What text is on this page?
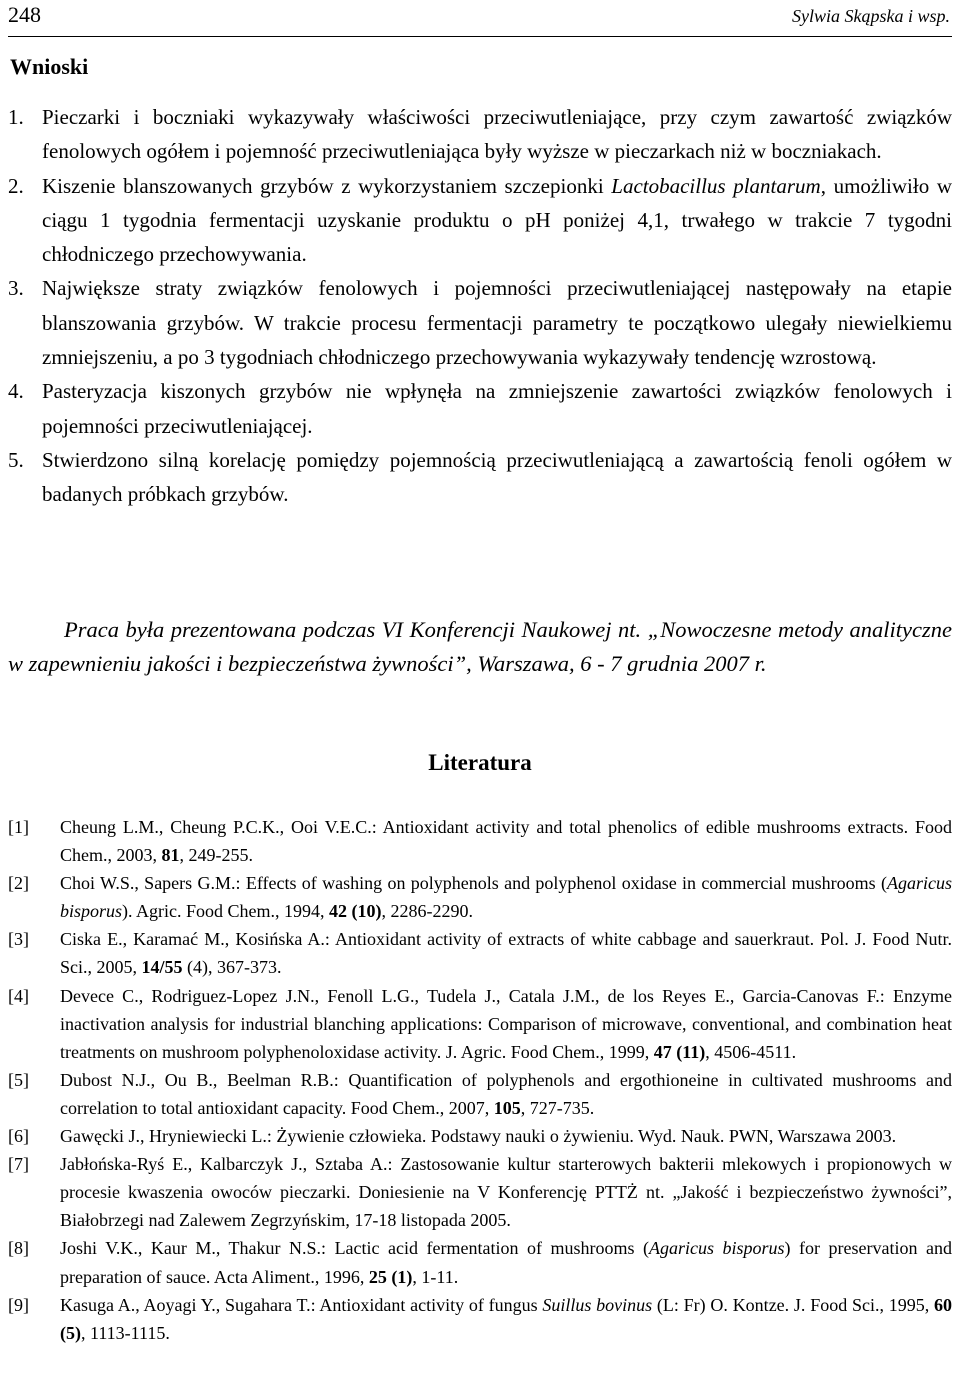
248	Sylwia Skąpska i wsp.
Wnioski

1. Pieczarki i boczniaki wykazywały właściwości przeciwutleniające, przy czym zawartość związków fenolowych ogółem i pojemność przeciwutleniająca były wyższe w pieczarkach niż w boczniakach.

2. Kiszenie blanszowanych grzybów z wykorzystaniem szczepionki Lactobacillus plantarum, umożliwiło w ciągu 1 tygodnia fermentacji uzyskanie produktu o pH poniżej 4,1, trwałego w trakcie 7 tygodni chłodniczego przechowywania.

3. Największe straty związków fenolowych i pojemności przeciwutleniającej następowały na etapie blanszowania grzybów. W trakcie procesu fermentacji parametry te początkowo ulegały niewielkiemu zmniejszeniu, a po 3 tygodniach chłodniczego przechowywania wykazywały tendencję wzrostową.

4. Pasteryzacja kiszonych grzybów nie wpłynęła na zmniejszenie zawartości związków fenolowych i pojemności przeciwutleniającej.

5. Stwierdzono silną korelację pomiędzy pojemnością przeciwutleniającą a zawartością fenoli ogółem w badanych próbkach grzybów.

Praca była prezentowana podczas VI Konferencji Naukowej nt. „Nowoczesne metody analityczne w zapewnieniu jakości i bezpieczeństwa żywności”, Warszawa, 6 - 7 grudnia 2007 r.
Literatura

[1] Cheung L.M., Cheung P.C.K., Ooi V.E.C.: Antioxidant activity and total phenolics of edible mushrooms extracts. Food Chem., 2003, 81, 249-255.

[2] Choi W.S., Sapers G.M.: Effects of washing on polyphenols and polyphenol oxidase in commercial mushrooms (Agaricus bisporus). Agric. Food Chem., 1994, 42 (10), 2286-2290.

[3] Ciska E., Karamać M., Kosińska A.: Antioxidant activity of extracts of white cabbage and sauerkraut. Pol. J. Food Nutr. Sci., 2005, 14/55 (4), 367-373.

[4] Devece C., Rodriguez-Lopez J.N., Fenoll L.G., Tudela J., Catala J.M., de los Reyes E., Garcia-Canovas F.: Enzyme inactivation analysis for industrial blanching applications: Comparison of microwave, conventional, and combination heat treatments on mushroom polyphenoloxidase activity. J. Agric. Food Chem., 1999, 47 (11), 4506-4511.

[5] Dubost N.J., Ou B., Beelman R.B.: Quantification of polyphenols and ergothioneine in cultivated mushrooms and correlation to total antioxidant capacity. Food Chem., 2007, 105, 727-735.

[6] Gawęcki J., Hryniewiecki L.: Żywienie człowieka. Podstawy nauki o żywieniu. Wyd. Nauk. PWN, Warszawa 2003.

[7] Jabłońska-Ryś E., Kalbarczyk J., Sztaba A.: Zastosowanie kultur starterowych bakterii mlekowych i propionowych w procesie kwaszenia owoców pieczarki. Doniesienie na V Konferencję PTTŻ nt. „Jakość i bezpieczeństwo żywności”, Białobrzegi nad Zalewem Zegrzyńskim, 17-18 listopada 2005.

[8] Joshi V.K., Kaur M., Thakur N.S.: Lactic acid fermentation of mushrooms (Agaricus bisporus) for preservation and preparation of sauce. Acta Aliment., 1996, 25 (1), 1-11.

[9] Kasuga A., Aoyagi Y., Sugahara T.: Antioxidant activity of fungus Suillus bovinus (L: Fr) O. Kontze. J. Food Sci., 1995, 60 (5), 1113-1115.
